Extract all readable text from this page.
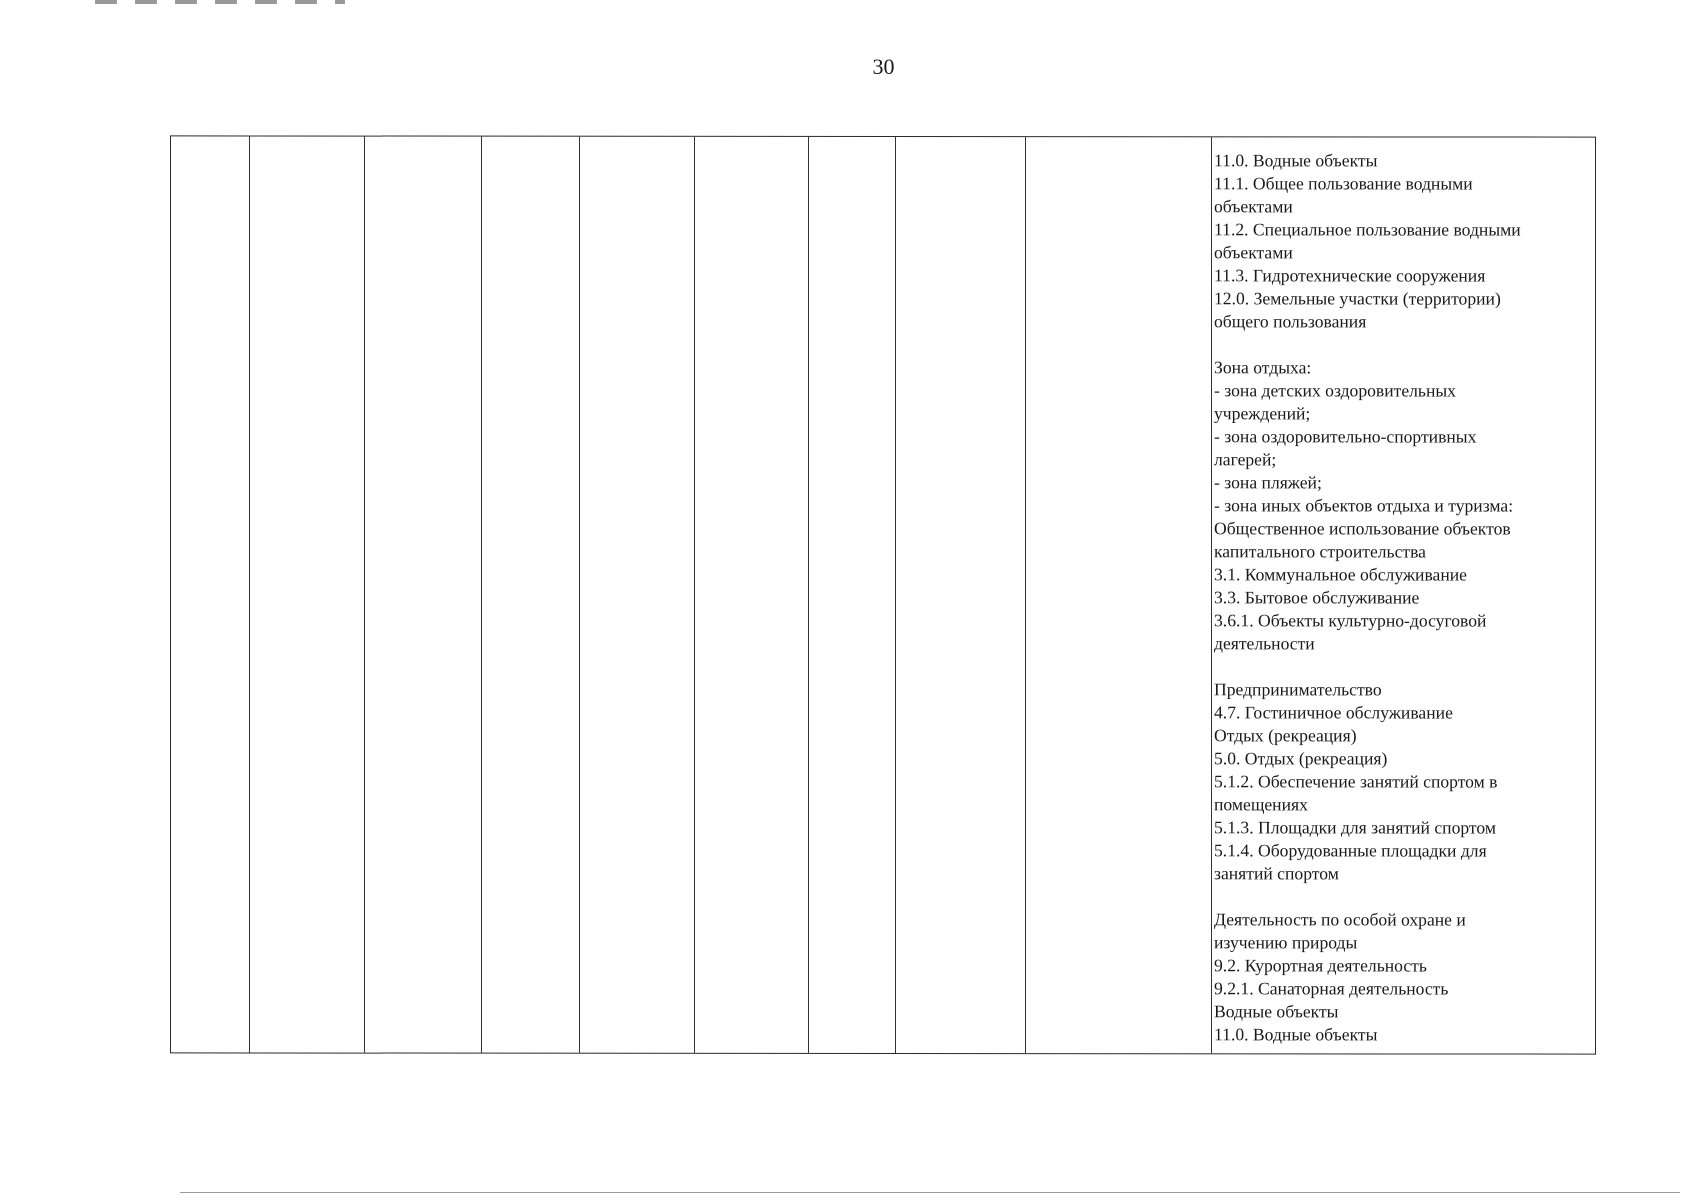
30

11.0. Водные объекты

11.1. Общее пользование водными

объектами

11.2. Специальное пользование водными

объектами

11.3. Гидротехнические сооружения

12.0. Земельные участки (территории)

общего пользования

Зона отдыха:

- зона детских оздоровительных

учреждений;

- зона оздоровительно-спортивных

лагерей;

- зона пляжей;

- зона иных объектов отдыха и туризма:

Общественное использование объектов

капитального строительства

3.1. Коммунальное обслуживание

3.3. Бытовое обслуживание

3.6.1. Объекты культурно-досуговой

деятельности

Предпринимательство

4.7. Гостиничное обслуживание

Отдых (рекреация)

5.0. Отдых (рекреация)

5.1.2. Обеспечение занятий спортом в

помещениях

5.1.3. Площадки для занятий спортом

5.1.4. Оборудованные площадки для

занятий спортом

Деятельность по особой охране и

изучению природы

9.2. Курортная деятельность

9.2.1. Санаторная деятельность

Водные объекты

11.0. Водные объекты
